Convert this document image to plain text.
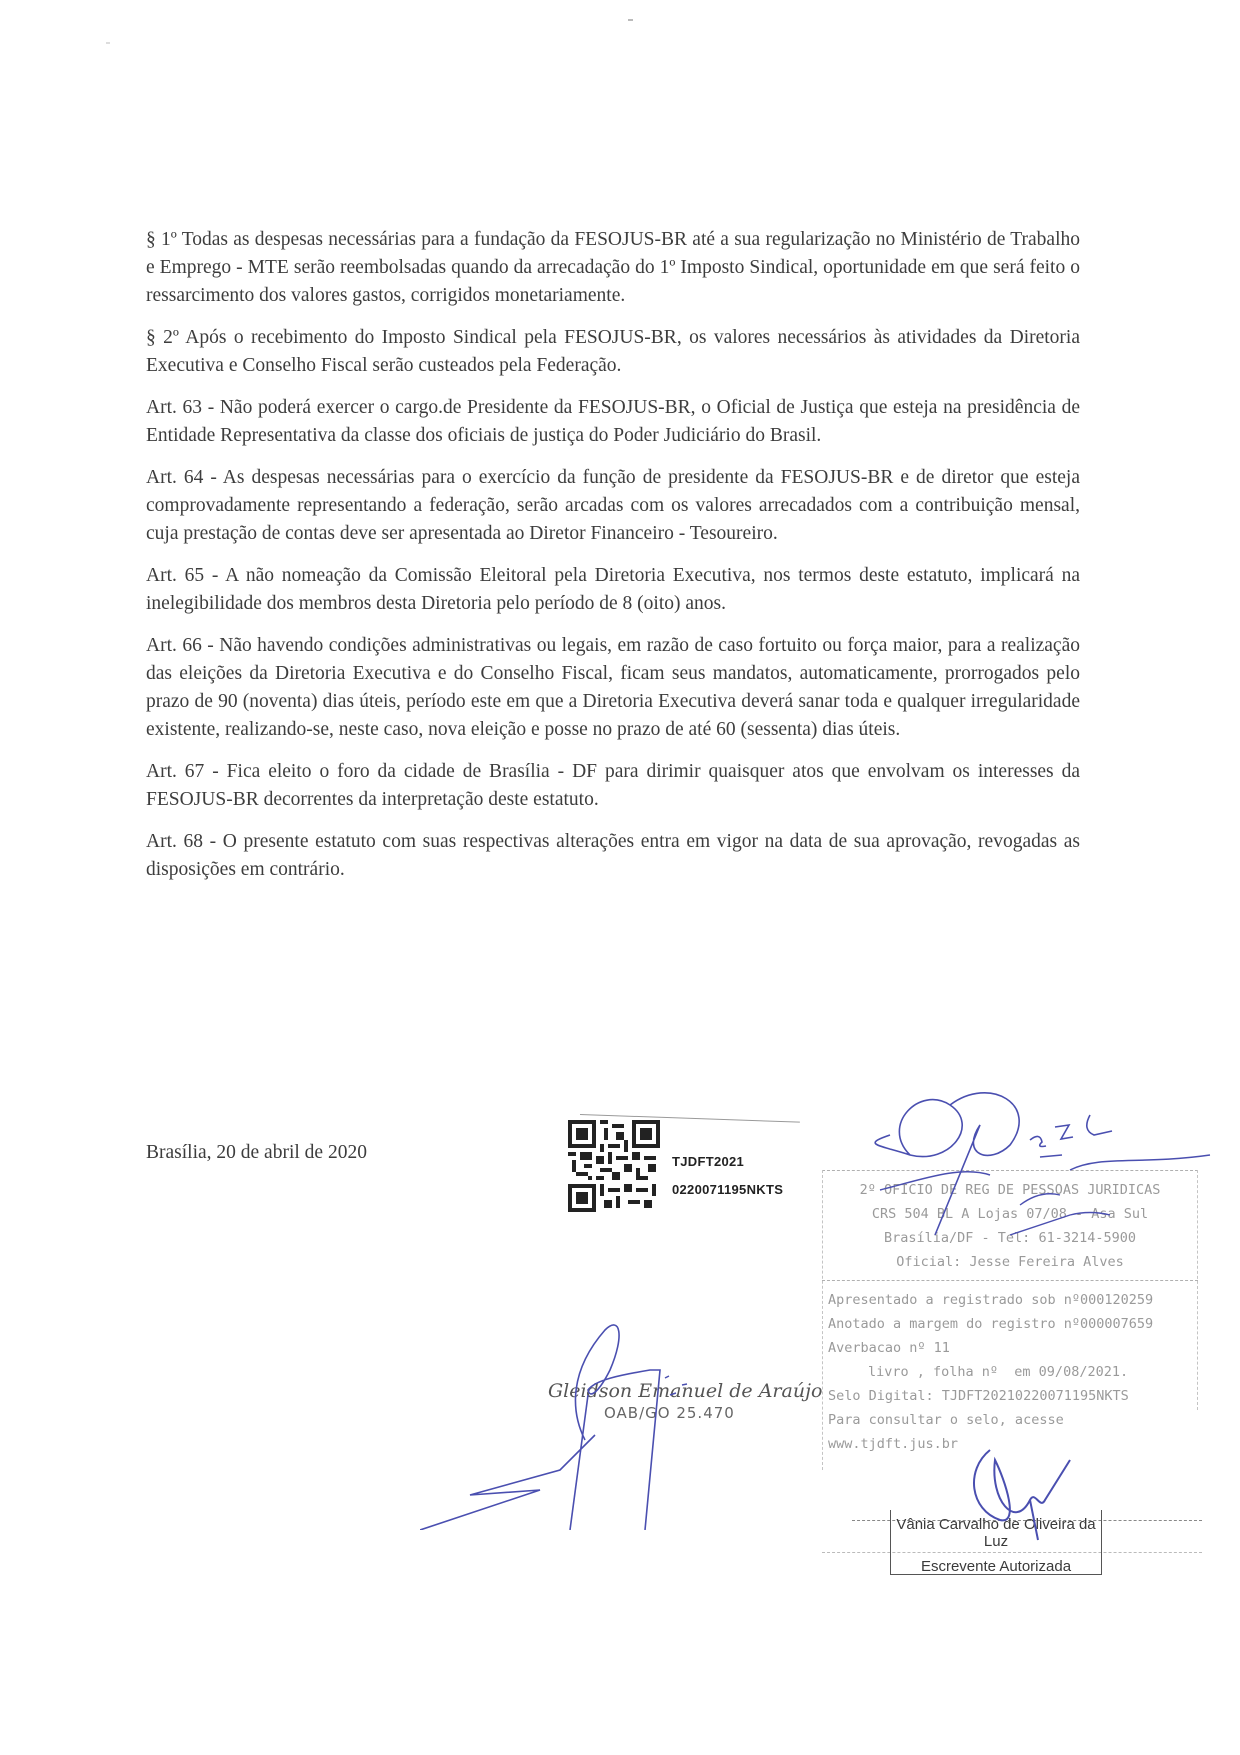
§ 1º Todas as despesas necessárias para a fundação da FESOJUS-BR até a sua regularização no Ministério de Trabalho e Emprego - MTE serão reembolsadas quando da arrecadação do 1º Imposto Sindical, oportunidade em que será feito o ressarcimento dos valores gastos, corrigidos monetariamente.

§ 2º Após o recebimento do Imposto Sindical pela FESOJUS-BR, os valores necessários às atividades da Diretoria Executiva e Conselho Fiscal serão custeados pela Federação.

Art. 63 - Não poderá exercer o cargo.de Presidente da FESOJUS-BR, o Oficial de Justiça que esteja na presidência de Entidade Representativa da classe dos oficiais de justiça do Poder Judiciário do Brasil.

Art. 64 - As despesas necessárias para o exercício da função de presidente da FESOJUS-BR e de diretor que esteja comprovadamente representando a federação, serão arcadas com os valores arrecadados com a contribuição mensal, cuja prestação de contas deve ser apresentada ao Diretor Financeiro - Tesoureiro.

Art. 65 - A não nomeação da Comissão Eleitoral pela Diretoria Executiva, nos termos deste estatuto, implicará na inelegibilidade dos membros desta Diretoria pelo período de 8 (oito) anos.

Art. 66 - Não havendo condições administrativas ou legais, em razão de caso fortuito ou força maior, para a realização das eleições da Diretoria Executiva e do Conselho Fiscal, ficam seus mandatos, automaticamente, prorrogados pelo prazo de 90 (noventa) dias úteis, período este em que a Diretoria Executiva deverá sanar toda e qualquer irregularidade existente, realizando-se, neste caso, nova eleição e posse no prazo de até 60 (sessenta) dias úteis.

Art. 67 - Fica eleito o foro da cidade de Brasília - DF para dirimir quaisquer atos que envolvam os interesses da FESOJUS-BR decorrentes da interpretação deste estatuto.

Art. 68 - O presente estatuto com suas respectivas alterações entra em vigor na data de sua aprovação, revogadas as disposições em contrário.

Brasília, 20 de abril de 2020	TJDFT2021
0220071195NKTS	2º OFICIO DE REG DE PESSOAS JURIDICAS
CRS 504 BL A Lojas 07/08 - Asa Sul
Brasília/DF - Tel: 61-3214-5900
Oficial: Jesse Fereira Alves
Apresentado a registrado sob nº000120259
Anotado a margem do registro nº000007659
Averbacao nº 11
livro , folha nº  em 09/08/2021.
Selo Digital: TJDFT20210220071195NKTS
Para consultar o selo, acesse
www.tjdft.jus.br
Vânia Carvalho de Oliveira da Luz
Escrevente Autorizada
Gleidson Emanuel de Araújo
OAB/GO 25.470
